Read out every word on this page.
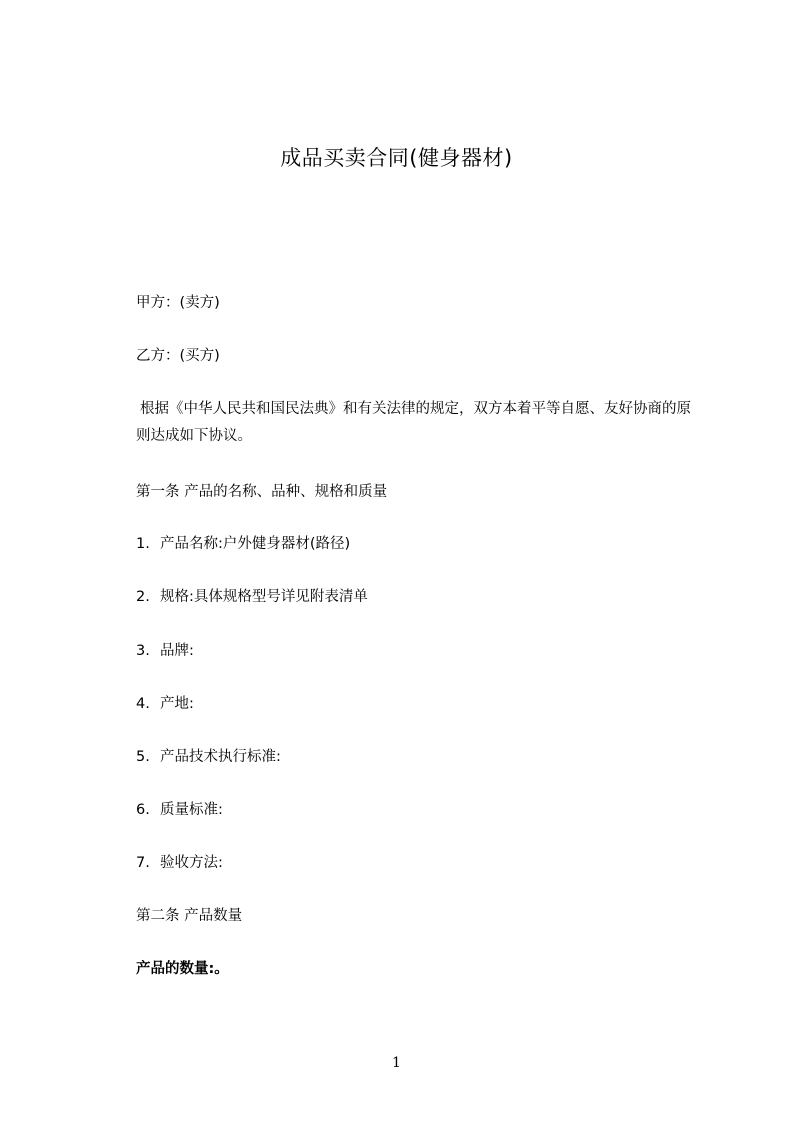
成品买卖合同(健身器材)
甲方：(卖方)
乙方：(买方)
根据《中华人民共和国民法典》和有关法律的规定，双方本着平等自愿、友好协商的原则达成如下协议。
第一条 产品的名称、品种、规格和质量
1. 产品名称:户外健身器材(路径)
2. 规格:具体规格型号详见附表清单
3. 品牌:
4. 产地:
5. 产品技术执行标准:
6. 质量标准:
7. 验收方法:
第二条 产品数量
产品的数量:。
1
